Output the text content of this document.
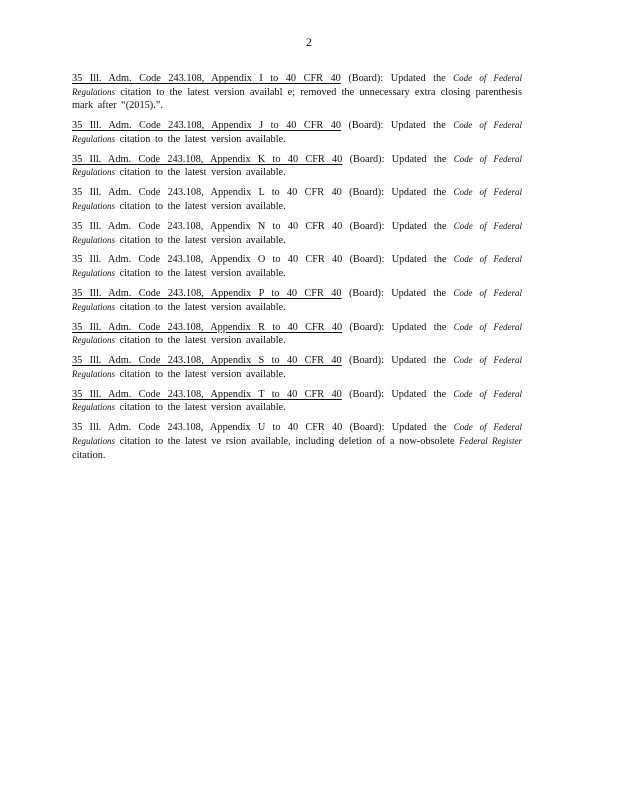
2

35 Ill. Adm. Code 243.108, Appendix I to 40 CFR 40 (Board): Updated the Code of Federal Regulations citation to the latest version availabl e; removed the unnecessary extra closing parenthesis mark after “(2015).”.

35 Ill. Adm. Code 243.108, Appendix J to 40 CFR 40 (Board): Updated the Code of Federal Regulations citation to the latest version available.

35 Ill. Adm. Code 243.108, Appendix K to 40 CFR 40 (Board): Updated the Code of Federal Regulations citation to the latest version available.

35 Ill. Adm. Code 243.108, Appendix L to 40 CFR 40 (Board): Updated the Code of Federal Regulations citation to the latest version available.

35 Ill. Adm. Code 243.108, Appendix N to 40 CFR 40 (Board): Updated the Code of Federal Regulations citation to the latest version available.

35 Ill. Adm. Code 243.108, Appendix O to 40 CFR 40 (Board): Updated the Code of Federal Regulations citation to the latest version available.

35 Ill. Adm. Code 243.108, Appendix P to 40 CFR 40 (Board): Updated the Code of Federal Regulations citation to the latest version available.

35 Ill. Adm. Code 243.108, Appendix R to 40 CFR 40 (Board): Updated the Code of Federal Regulations citation to the latest version available.

35 Ill. Adm. Code 243.108, Appendix S to 40 CFR 40 (Board): Updated the Code of Federal Regulations citation to the latest version available.

35 Ill. Adm. Code 243.108, Appendix T to 40 CFR 40 (Board): Updated the Code of Federal Regulations citation to the latest version available.

35 Ill. Adm. Code 243.108, Appendix U to 40 CFR 40 (Board): Updated the Code of Federal Regulations citation to the latest ve rsion available, including deletion of a now-obsolete Federal Register citation.
